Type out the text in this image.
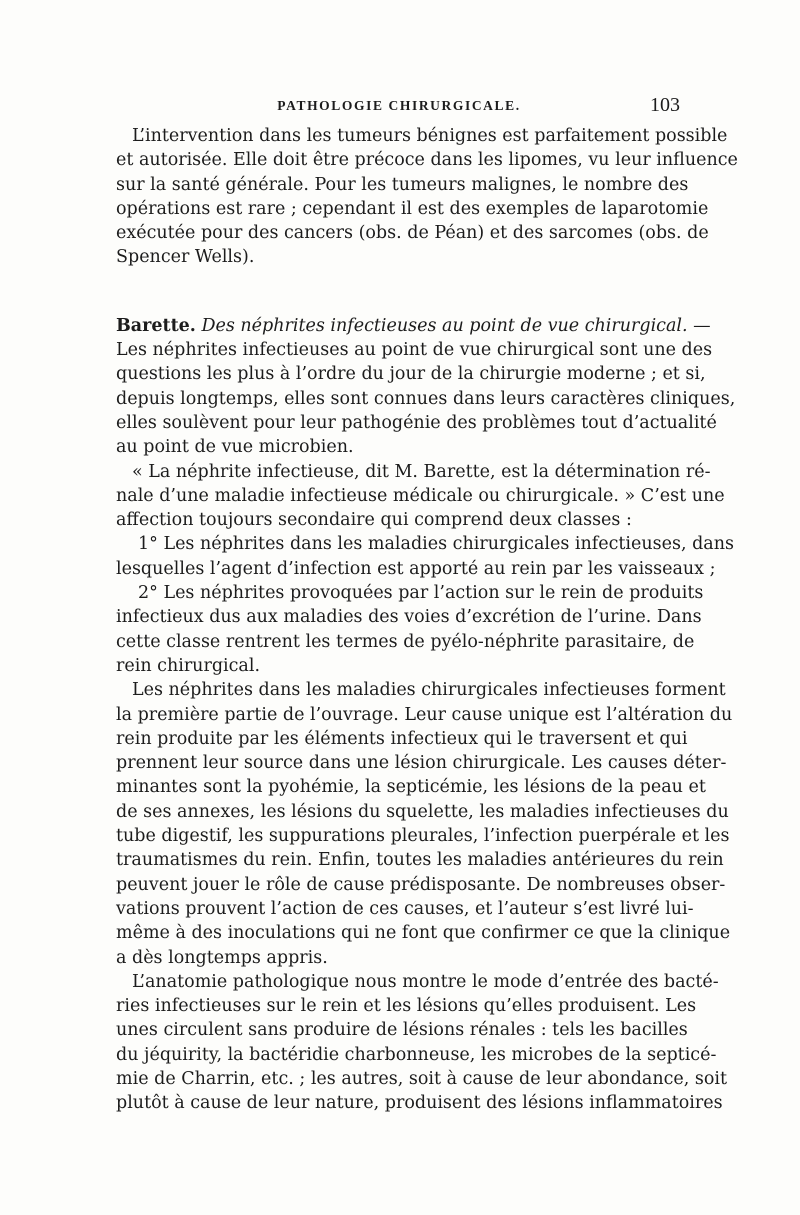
PATHOLOGIE CHIRURGICALE.	103
L’intervention dans les tumeurs bénignes est parfaitement possible
et autorisée. Elle doit être précoce dans les lipomes, vu leur influence
sur la santé générale. Pour les tumeurs malignes, le nombre des
opérations est rare ; cependant il est des exemples de laparotomie
exécutée pour des cancers (obs. de Péan) et des sarcomes (obs. de
Spencer Wells).
Barette. Des néphrites infectieuses au point de vue chirurgical. —
Les néphrites infectieuses au point de vue chirurgical sont une des
questions les plus à l’ordre du jour de la chirurgie moderne ; et si,
depuis longtemps, elles sont connues dans leurs caractères cliniques,
elles soulèvent pour leur pathogénie des problèmes tout d’actualité
au point de vue microbien.
« La néphrite infectieuse, dit M. Barette, est la détermination ré-
nale d’une maladie infectieuse médicale ou chirurgicale. » C’est une
affection toujours secondaire qui comprend deux classes :
1° Les néphrites dans les maladies chirurgicales infectieuses, dans
lesquelles l’agent d’infection est apporté au rein par les vaisseaux ;
2° Les néphrites provoquées par l’action sur le rein de produits
infectieux dus aux maladies des voies d’excrétion de l’urine. Dans
cette classe rentrent les termes de pyélo-néphrite parasitaire, de
rein chirurgical.
Les néphrites dans les maladies chirurgicales infectieuses forment
la première partie de l’ouvrage. Leur cause unique est l’altération du
rein produite par les éléments infectieux qui le traversent et qui
prennent leur source dans une lésion chirurgicale. Les causes déter-
minantes sont la pyohémie, la septicémie, les lésions de la peau et
de ses annexes, les lésions du squelette, les maladies infectieuses du
tube digestif, les suppurations pleurales, l’infection puerpérale et les
traumatismes du rein. Enfin, toutes les maladies antérieures du rein
peuvent jouer le rôle de cause prédisposante. De nombreuses obser-
vations prouvent l’action de ces causes, et l’auteur s’est livré lui-
même à des inoculations qui ne font que confirmer ce que la clinique
a dès longtemps appris.
L’anatomie pathologique nous montre le mode d’entrée des bacté-
ries infectieuses sur le rein et les lésions qu’elles produisent. Les
unes circulent sans produire de lésions rénales : tels les bacilles
du jéquirity, la bactéridie charbonneuse, les microbes de la septicé-
mie de Charrin, etc. ; les autres, soit à cause de leur abondance, soit
plutôt à cause de leur nature, produisent des lésions inflammatoires
